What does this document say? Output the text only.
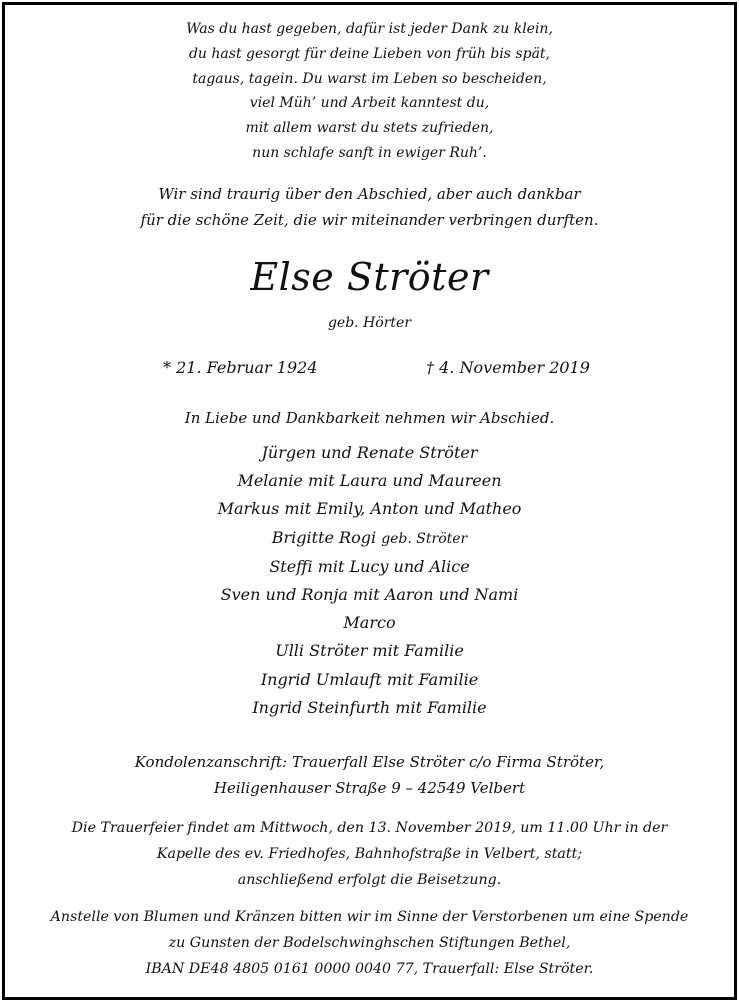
Was du hast gegeben, dafür ist jeder Dank zu klein,
du hast gesorgt für deine Lieben von früh bis spät,
tagaus, tagein. Du warst im Leben so bescheiden,
viel Müh’ und Arbeit kanntest du,
mit allem warst du stets zufrieden,
nun schlafe sanft in ewiger Ruh’.
Wir sind traurig über den Abschied, aber auch dankbar
für die schöne Zeit, die wir miteinander verbringen durften.
Else Ströter
geb. Hörter
* 21. Februar 1924	† 4. November 2019
In Liebe und Dankbarkeit nehmen wir Abschied.
Jürgen und Renate Ströter
Melanie mit Laura und Maureen
Markus mit Emily, Anton und Matheo
Brigitte Rogi geb. Ströter
Steffi mit Lucy und Alice
Sven und Ronja mit Aaron und Nami
Marco
Ulli Ströter mit Familie
Ingrid Umlauft mit Familie
Ingrid Steinfurth mit Familie
Kondolenzanschrift: Trauerfall Else Ströter c/o Firma Ströter,
Heiligenhauser Straße 9 – 42549 Velbert
Die Trauerfeier findet am Mittwoch, den 13. November 2019, um 11.00 Uhr in der
Kapelle des ev. Friedhofes, Bahnhofstraße in Velbert, statt;
anschließend erfolgt die Beisetzung.
Anstelle von Blumen und Kränzen bitten wir im Sinne der Verstorbenen um eine Spende
zu Gunsten der Bodelschwinghschen Stiftungen Bethel,
IBAN DE48 4805 0161 0000 0040 77, Trauerfall: Else Ströter.
